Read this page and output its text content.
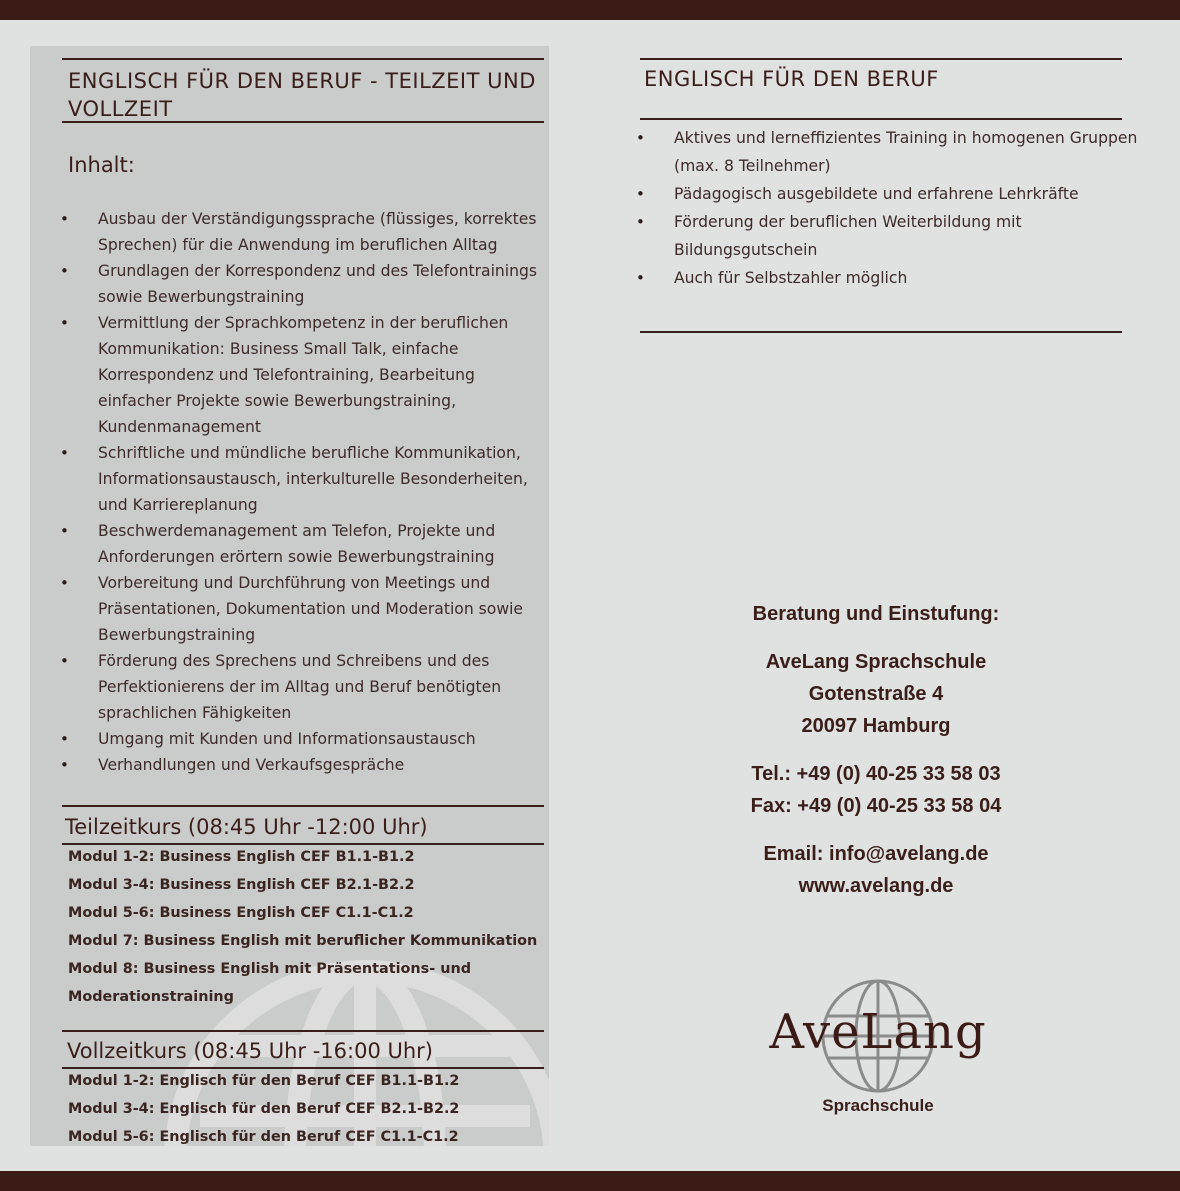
ENGLISCH FÜR DEN BERUF - TEILZEIT UND VOLLZEIT
Inhalt:
• Ausbau der Verständigungssprache (flüssiges, korrektes Sprechen) für die Anwendung im beruflichen Alltag
• Grundlagen der Korrespondenz und des Telefontrainings sowie Bewerbungstraining
• Vermittlung der Sprachkompetenz in der beruflichen Kommunikation: Business Small Talk, einfache Korrespondenz und Telefontraining, Bearbeitung einfacher Projekte sowie Bewerbungstraining, Kundenmanagement
• Schriftliche und mündliche berufliche Kommunikation, Informationsaustausch, interkulturelle Besonderheiten, und Karriereplanung
• Beschwerdemanagement am Telefon, Projekte und Anforderungen erörtern sowie Bewerbungstraining
• Vorbereitung und Durchführung von Meetings und Präsentationen, Dokumentation und Moderation sowie Bewerbungstraining
• Förderung des Sprechens und Schreibens und des Perfektionierens der im Alltag und Beruf benötigten sprachlichen Fähigkeiten
• Umgang mit Kunden und Informationsaustausch
• Verhandlungen und Verkaufsgespräche
Teilzeitkurs (08:45 Uhr -12:00 Uhr)
Modul 1-2: Business English CEF B1.1-B1.2
Modul 3-4: Business English CEF B2.1-B2.2
Modul 5-6: Business English CEF C1.1-C1.2
Modul 7: Business English mit beruflicher Kommunikation
Modul 8: Business English mit Präsentations- und Moderationstraining
Vollzeitkurs (08:45 Uhr -16:00 Uhr)
Modul 1-2: Englisch für den Beruf CEF B1.1-B1.2
Modul 3-4: Englisch für den Beruf CEF B2.1-B2.2
Modul 5-6: Englisch für den Beruf CEF C1.1-C1.2
ENGLISCH FÜR DEN BERUF
• Aktives und lerneffizientes Training in homogenen Gruppen (max. 8 Teilnehmer)
• Pädagogisch ausgebildete und erfahrene Lehrkräfte
• Förderung der beruflichen Weiterbildung mit Bildungsgutschein
• Auch für Selbstzahler möglich
Beratung und Einstufung:
AveLang Sprachschule
Gotenstraße 4
20097 Hamburg
Tel.: +49 (0) 40-25 33 58 03
Fax: +49 (0) 40-25 33 58 04
Email: info@avelang.de
www.avelang.de
AveLang
Sprachschule
